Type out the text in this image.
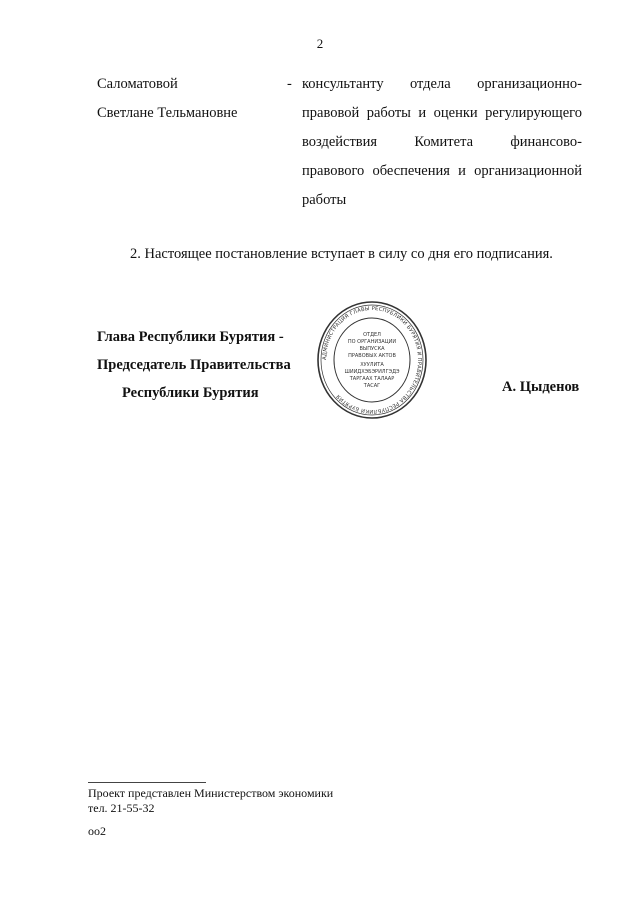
2
Саломатовой
Светлане Тельмановне
- консультанту отдела организационно-
правовой работы и оценки регулирующего
воздействия Комитета финансово-
правового обеспечения и организационной
работы
2. Настоящее постановление вступает в силу со дня его подписания.
Глава Республики Бурятия -
Председатель Правительства
Республики Бурятия
АДМИНИСТРАЦИЯ ГЛАВЫ РЕСПУБЛИКИ БУРЯТИЯ И ПРАВИТЕЛЬСТВА РЕСПУБЛИКИ БУРЯТИЯ
ОТДЕЛ
ПО ОРГАНИЗАЦИИ
ВЫПУСКА
ПРАВОВЫХ АКТОВ
ХУУЛИТА
ШИИДХЭБЭРИЛГЭДЭ
ТАРГААХ ТАЛААР
ТАСАГ	А. Цыденов
Проект представлен Министерством экономики
тел. 21-55-32
оо2
